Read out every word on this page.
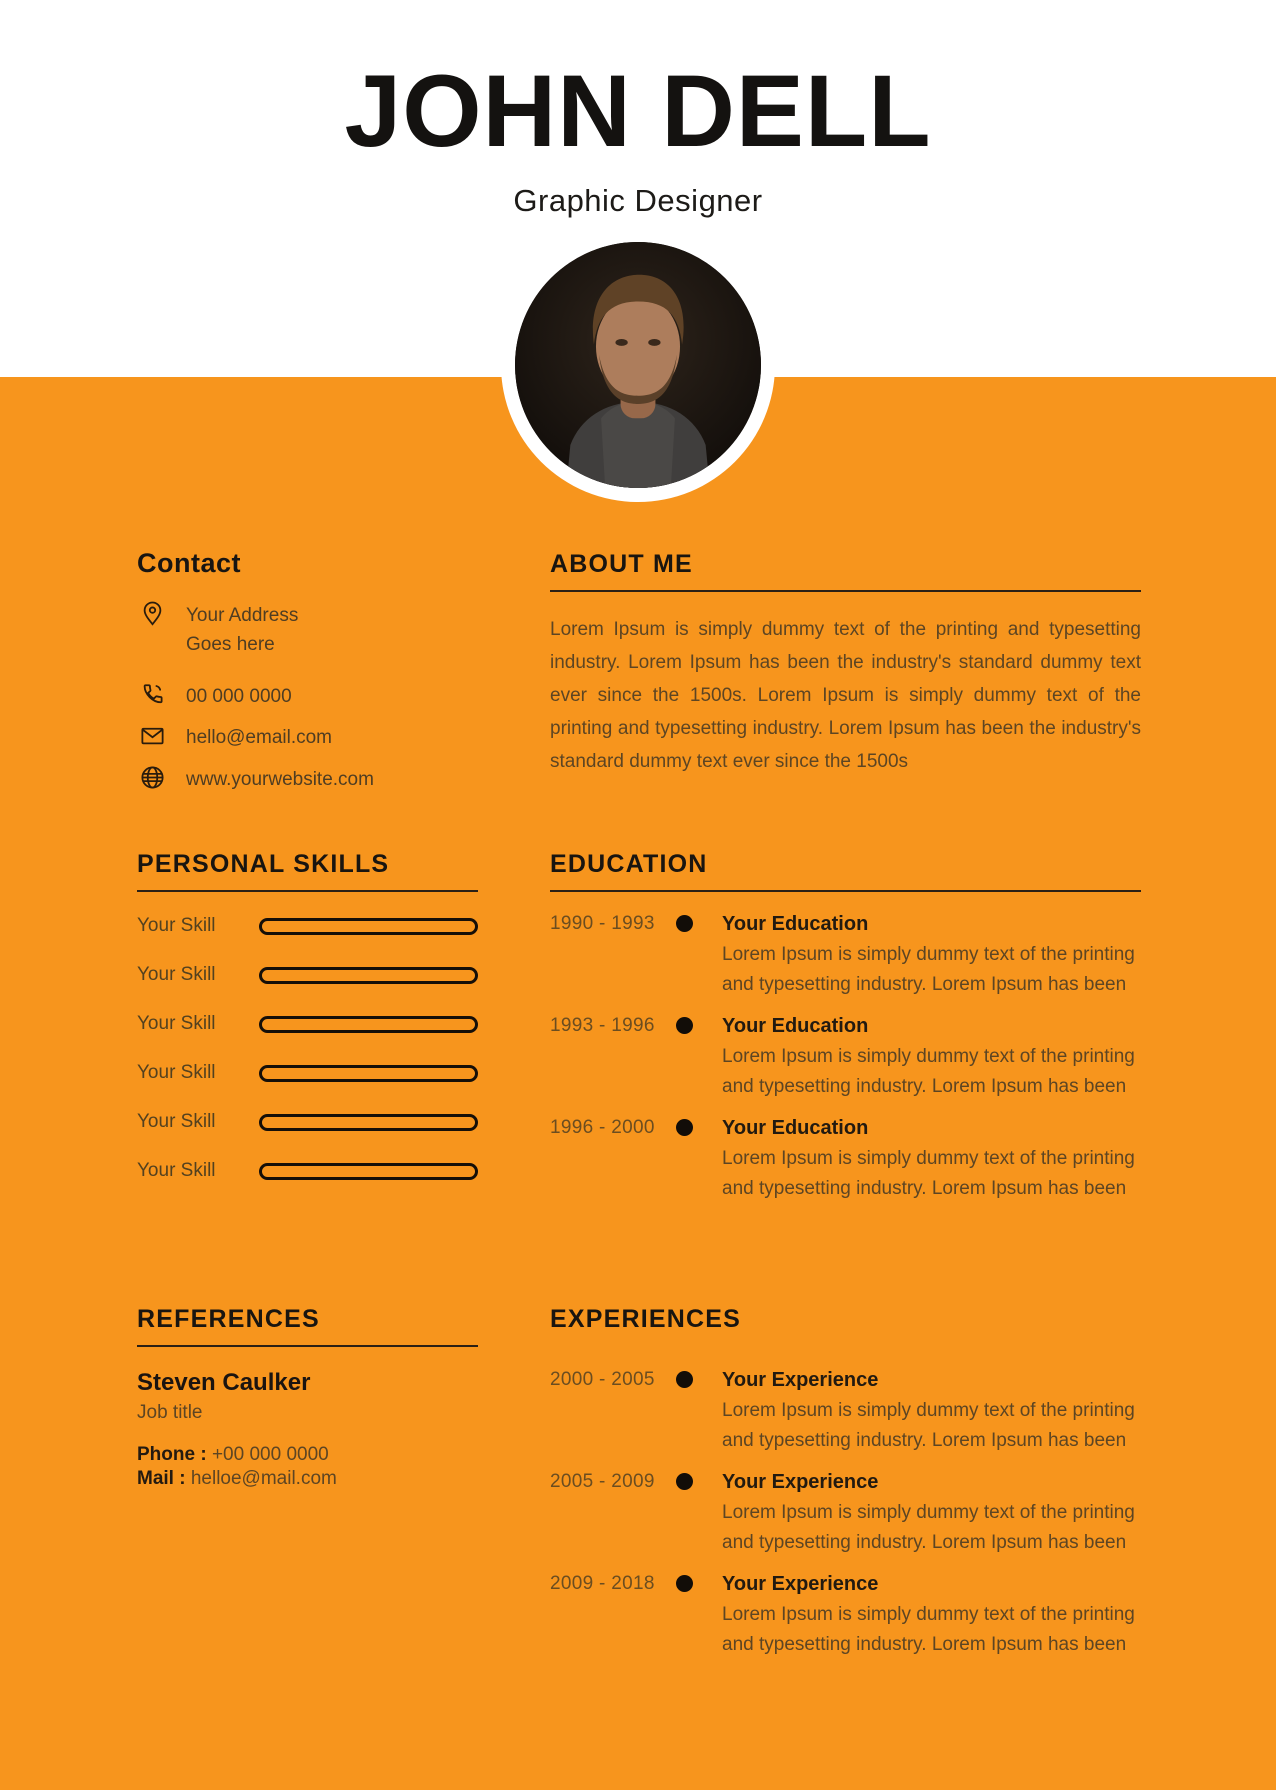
JOHN DELL
Graphic Designer
Contact
Your Address
Goes here
00 000 0000
hello@email.com
www.yourwebsite.com
ABOUT ME

Lorem Ipsum is simply dummy text of the printing and typesetting industry. Lorem Ipsum has been the industry's standard dummy text ever since the 1500s. Lorem Ipsum is simply dummy text of the printing and typesetting industry. Lorem Ipsum has been the industry's standard dummy text ever since the 1500s

PERSONAL SKILLS
Your Skill
Your Skill
Your Skill
Your Skill
Your Skill
Your Skill
EDUCATION
1990 - 1993	Your Education
Lorem Ipsum is simply dummy text of the printing and typesetting industry. Lorem Ipsum has been
1993 - 1996	Your Education
Lorem Ipsum is simply dummy text of the printing and typesetting industry. Lorem Ipsum has been
1996 - 2000	Your Education
Lorem Ipsum is simply dummy text of the printing and typesetting industry. Lorem Ipsum has been
REFERENCES
Steven Caulker
Job title
Phone : +00 000 0000
Mail : helloe@mail.com
EXPERIENCES
2000 - 2005	Your Experience
Lorem Ipsum is simply dummy text of the printing and typesetting industry. Lorem Ipsum has been
2005 - 2009	Your Experience
Lorem Ipsum is simply dummy text of the printing and typesetting industry. Lorem Ipsum has been
2009 - 2018	Your Experience
Lorem Ipsum is simply dummy text of the printing and typesetting industry. Lorem Ipsum has been
